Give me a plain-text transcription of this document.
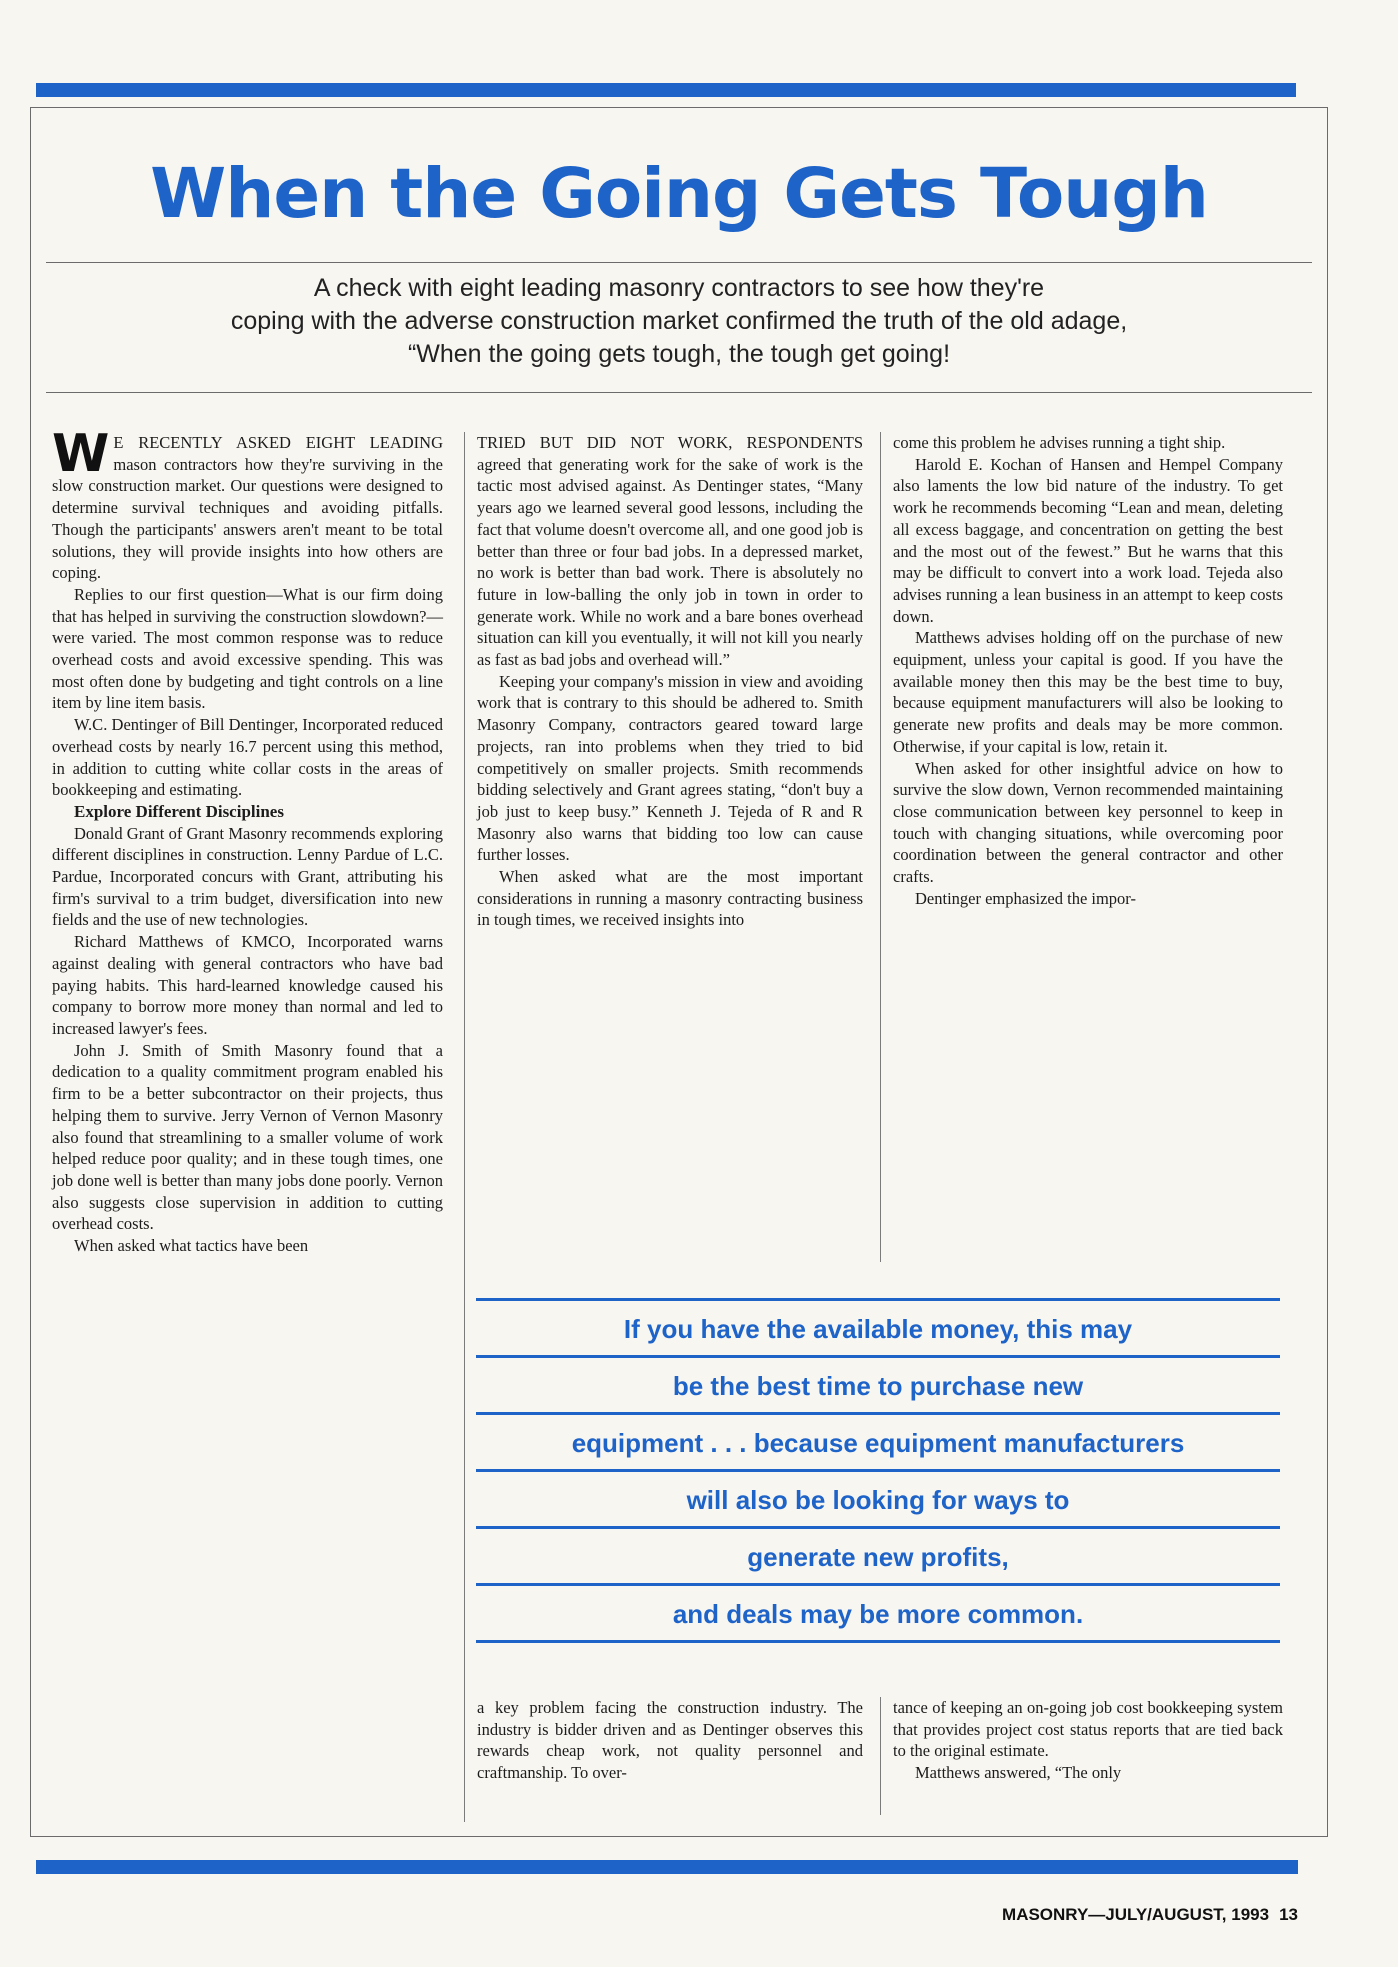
When the Going Gets Tough
A check with eight leading masonry contractors to see how they're
coping with the adverse construction market confirmed the truth of the old adage,
“When the going gets tough, the tough get going!

W E RECENTLY asked eight leading mason contractors how they're surviving in the slow construction market. Our questions were designed to determine survival techniques and avoiding pitfalls. Though the participants' answers aren't meant to be total solutions, they will provide insights into how others are coping.

Replies to our first question—What is our firm doing that has helped in surviving the construction slowdown?—were varied. The most common response was to reduce overhead costs and avoid excessive spending. This was most often done by budgeting and tight controls on a line item by line item basis.

W.C. Dentinger of Bill Dentinger, Incorporated reduced overhead costs by nearly 16.7 percent using this method, in addition to cutting white collar costs in the areas of bookkeeping and estimating.

Explore Different Disciplines

Donald Grant of Grant Masonry recommends exploring different disciplines in construction. Lenny Pardue of L.C. Pardue, Incorporated concurs with Grant, attributing his firm's survival to a trim budget, diversification into new fields and the use of new technologies.

Richard Matthews of KMCO, Incorporated warns against dealing with general contractors who have bad paying habits. This hard-learned knowledge caused his company to borrow more money than normal and led to increased lawyer's fees.

John J. Smith of Smith Masonry found that a dedication to a quality commitment program enabled his firm to be a better subcontractor on their projects, thus helping them to survive. Jerry Vernon of Vernon Masonry also found that streamlining to a smaller volume of work helped reduce poor quality; and in these tough times, one job done well is better than many jobs done poorly. Vernon also suggests close supervision in addition to cutting overhead costs.

When asked what tactics have been

TRIED BUT DID NOT WORK, RESPONDENTS agreed that generating work for the sake of work is the tactic most advised against. As Dentinger states, “Many years ago we learned several good lessons, including the fact that volume doesn't overcome all, and one good job is better than three or four bad jobs. In a depressed market, no work is better than bad work. There is absolutely no future in low-balling the only job in town in order to generate work. While no work and a bare bones overhead situation can kill you eventually, it will not kill you nearly as fast as bad jobs and overhead will.”

Keeping your company's mission in view and avoiding work that is contrary to this should be adhered to. Smith Masonry Company, contractors geared toward large projects, ran into problems when they tried to bid competitively on smaller projects. Smith recommends bidding selectively and Grant agrees stating, “don't buy a job just to keep busy.” Kenneth J. Tejeda of R and R Masonry also warns that bidding too low can cause further losses.

When asked what are the most important considerations in running a masonry contracting business in tough times, we received insights into

come this problem he advises running a tight ship.

Harold E. Kochan of Hansen and Hempel Company also laments the low bid nature of the industry. To get work he recommends becoming “Lean and mean, deleting all excess baggage, and concentration on getting the best and the most out of the fewest.” But he warns that this may be difficult to convert into a work load. Tejeda also advises running a lean business in an attempt to keep costs down.

Matthews advises holding off on the purchase of new equipment, unless your capital is good. If you have the available money then this may be the best time to buy, because equipment manufacturers will also be looking to generate new profits and deals may be more common. Otherwise, if your capital is low, retain it.

When asked for other insightful advice on how to survive the slow down, Vernon recommended maintaining close communication between key personnel to keep in touch with changing situations, while overcoming poor coordination between the general contractor and other crafts.

Dentinger emphasized the impor-

If you have the available money, this may
be the best time to purchase new
equipment . . . because equipment manufacturers
will also be looking for ways to
generate new profits,
and deals may be more common.

a key problem facing the construction industry. The industry is bidder driven and as Dentinger observes this rewards cheap work, not quality personnel and craftmanship. To over-

tance of keeping an on-going job cost bookkeeping system that provides project cost status reports that are tied back to the original estimate.

Matthews answered, “The only

MASONRY—JULY/AUGUST, 1993 13
